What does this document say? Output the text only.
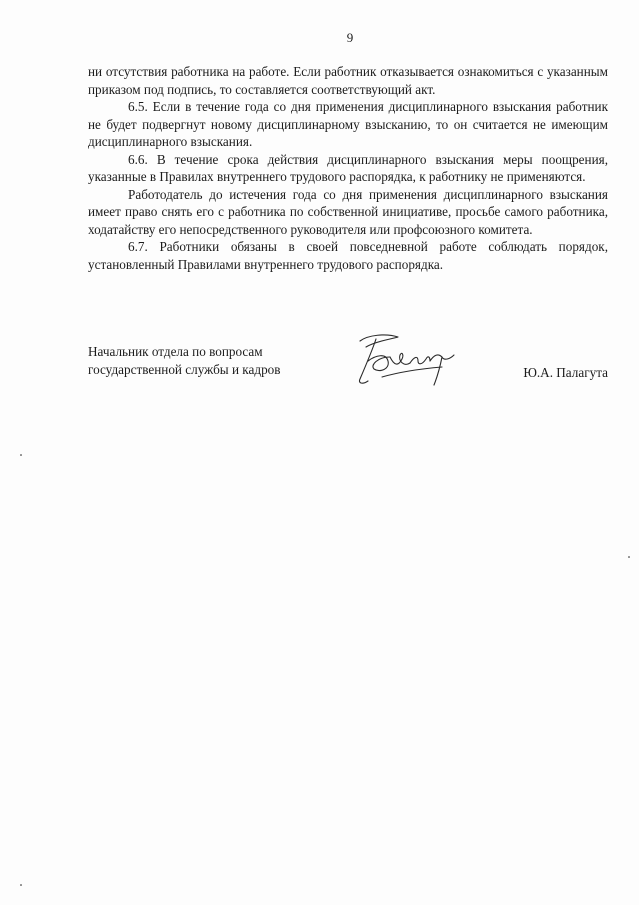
9

ни отсутствия работника на работе. Если работник отказывается ознакомиться с указанным приказом под подпись, то составляется соответствующий акт.

6.5. Если в течение года со дня применения дисциплинарного взыскания работник не будет подвергнут новому дисциплинарному взысканию, то он считается не имеющим дисциплинарного взыскания.

6.6. В течение срока действия дисциплинарного взыскания меры поощрения, указанные в Правилах внутреннего трудового распорядка, к работнику не применяются.

Работодатель до истечения года со дня применения дисциплинарного взыскания имеет право снять его с работника по собственной инициативе, просьбе самого работника, ходатайству его непосредственного руководителя или профсоюзного комитета.

6.7. Работники обязаны в своей повседневной работе соблюдать порядок, установленный Правилами внутреннего трудового распорядка.

Начальник отдела по вопросам
государственной службы и кадров	Ю.А. Палагута
